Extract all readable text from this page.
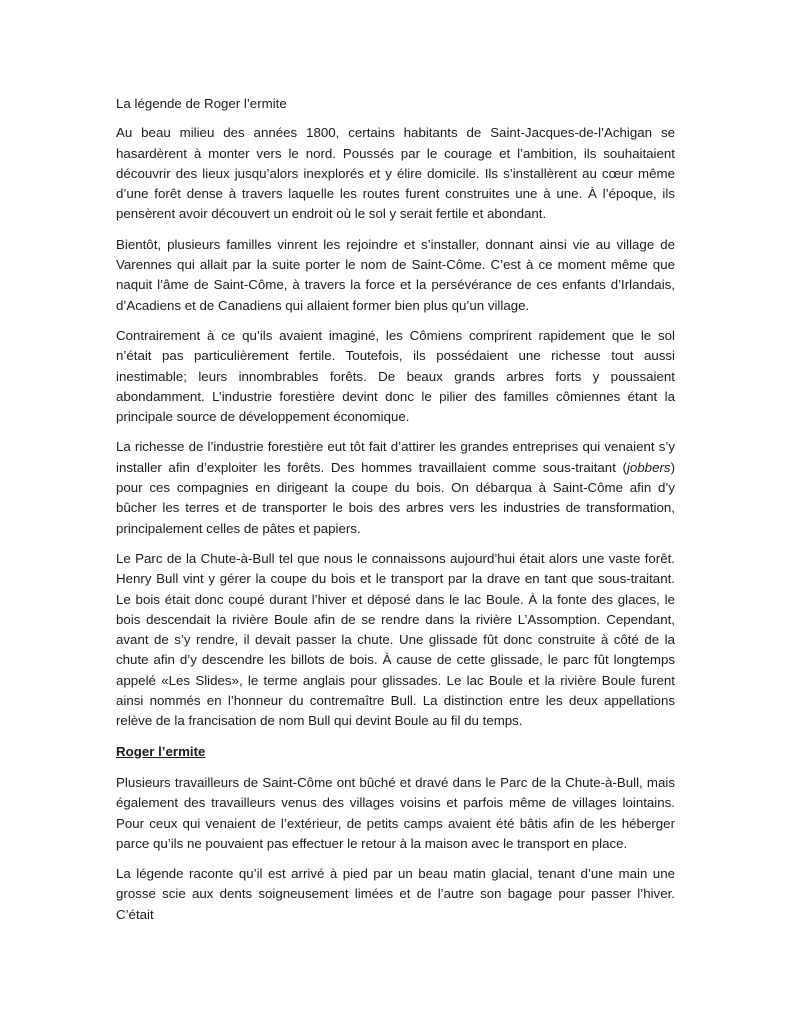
La légende de Roger l’ermite

Au beau milieu des années 1800, certains habitants de Saint-Jacques-de-l’Achigan se hasardèrent à monter vers le nord. Poussés par le courage et l’ambition, ils souhaitaient découvrir des lieux jusqu’alors inexplorés et y élire domicile. Ils s’installèrent au cœur même d’une forêt dense à travers laquelle les routes furent construites une à une. À l’époque, ils pensèrent avoir découvert un endroit où le sol y serait fertile et abondant.

Bientôt, plusieurs familles vinrent les rejoindre et s’installer, donnant ainsi vie au village de Varennes qui allait par la suite porter le nom de Saint-Côme. C’est à ce moment même que naquit l’âme de Saint-Côme, à travers la force et la persévérance de ces enfants d’Irlandais, d’Acadiens et de Canadiens qui allaient former bien plus qu’un village.

Contrairement à ce qu’ils avaient imaginé, les Cômiens comprirent rapidement que le sol n’était pas particulièrement fertile. Toutefois, ils possédaient une richesse tout aussi inestimable; leurs innombrables forêts. De beaux grands arbres forts y poussaient abondamment. L’industrie forestière devint donc le pilier des familles cômiennes étant la principale source de développement économique.

La richesse de l’industrie forestière eut tôt fait d’attirer les grandes entreprises qui venaient s’y installer afin d’exploiter les forêts. Des hommes travaillaient comme sous-traitant (jobbers) pour ces compagnies en dirigeant la coupe du bois. On débarqua à Saint-Côme afin d’y bûcher les terres et de transporter le bois des arbres vers les industries de transformation, principalement celles de pâtes et papiers.

Le Parc de la Chute-à-Bull tel que nous le connaissons aujourd’hui était alors une vaste forêt. Henry Bull vint y gérer la coupe du bois et le transport par la drave en tant que sous-traitant. Le bois était donc coupé durant l’hiver et déposé dans le lac Boule. À la fonte des glaces, le bois descendait la rivière Boule afin de se rendre dans la rivière L’Assomption. Cependant, avant de s’y rendre, il devait passer la chute. Une glissade fût donc construite à côté de la chute afin d’y descendre les billots de bois. À cause de cette glissade, le parc fût longtemps appelé «Les Slides», le terme anglais pour glissades. Le lac Boule et la rivière Boule furent ainsi nommés en l’honneur du contremaître Bull. La distinction entre les deux appellations relève de la francisation de nom Bull qui devint Boule au fil du temps.

Roger l’ermite

Plusieurs travailleurs de Saint-Côme ont bûché et dravé dans le Parc de la Chute-à-Bull, mais également des travailleurs venus des villages voisins et parfois même de villages lointains. Pour ceux qui venaient de l’extérieur, de petits camps avaient été bâtis afin de les héberger parce qu’ils ne pouvaient pas effectuer le retour à la maison avec le transport en place.

La légende raconte qu’il est arrivé à pied par un beau matin glacial, tenant d’une main une grosse scie aux dents soigneusement limées et de l’autre son bagage pour passer l’hiver. C’était
